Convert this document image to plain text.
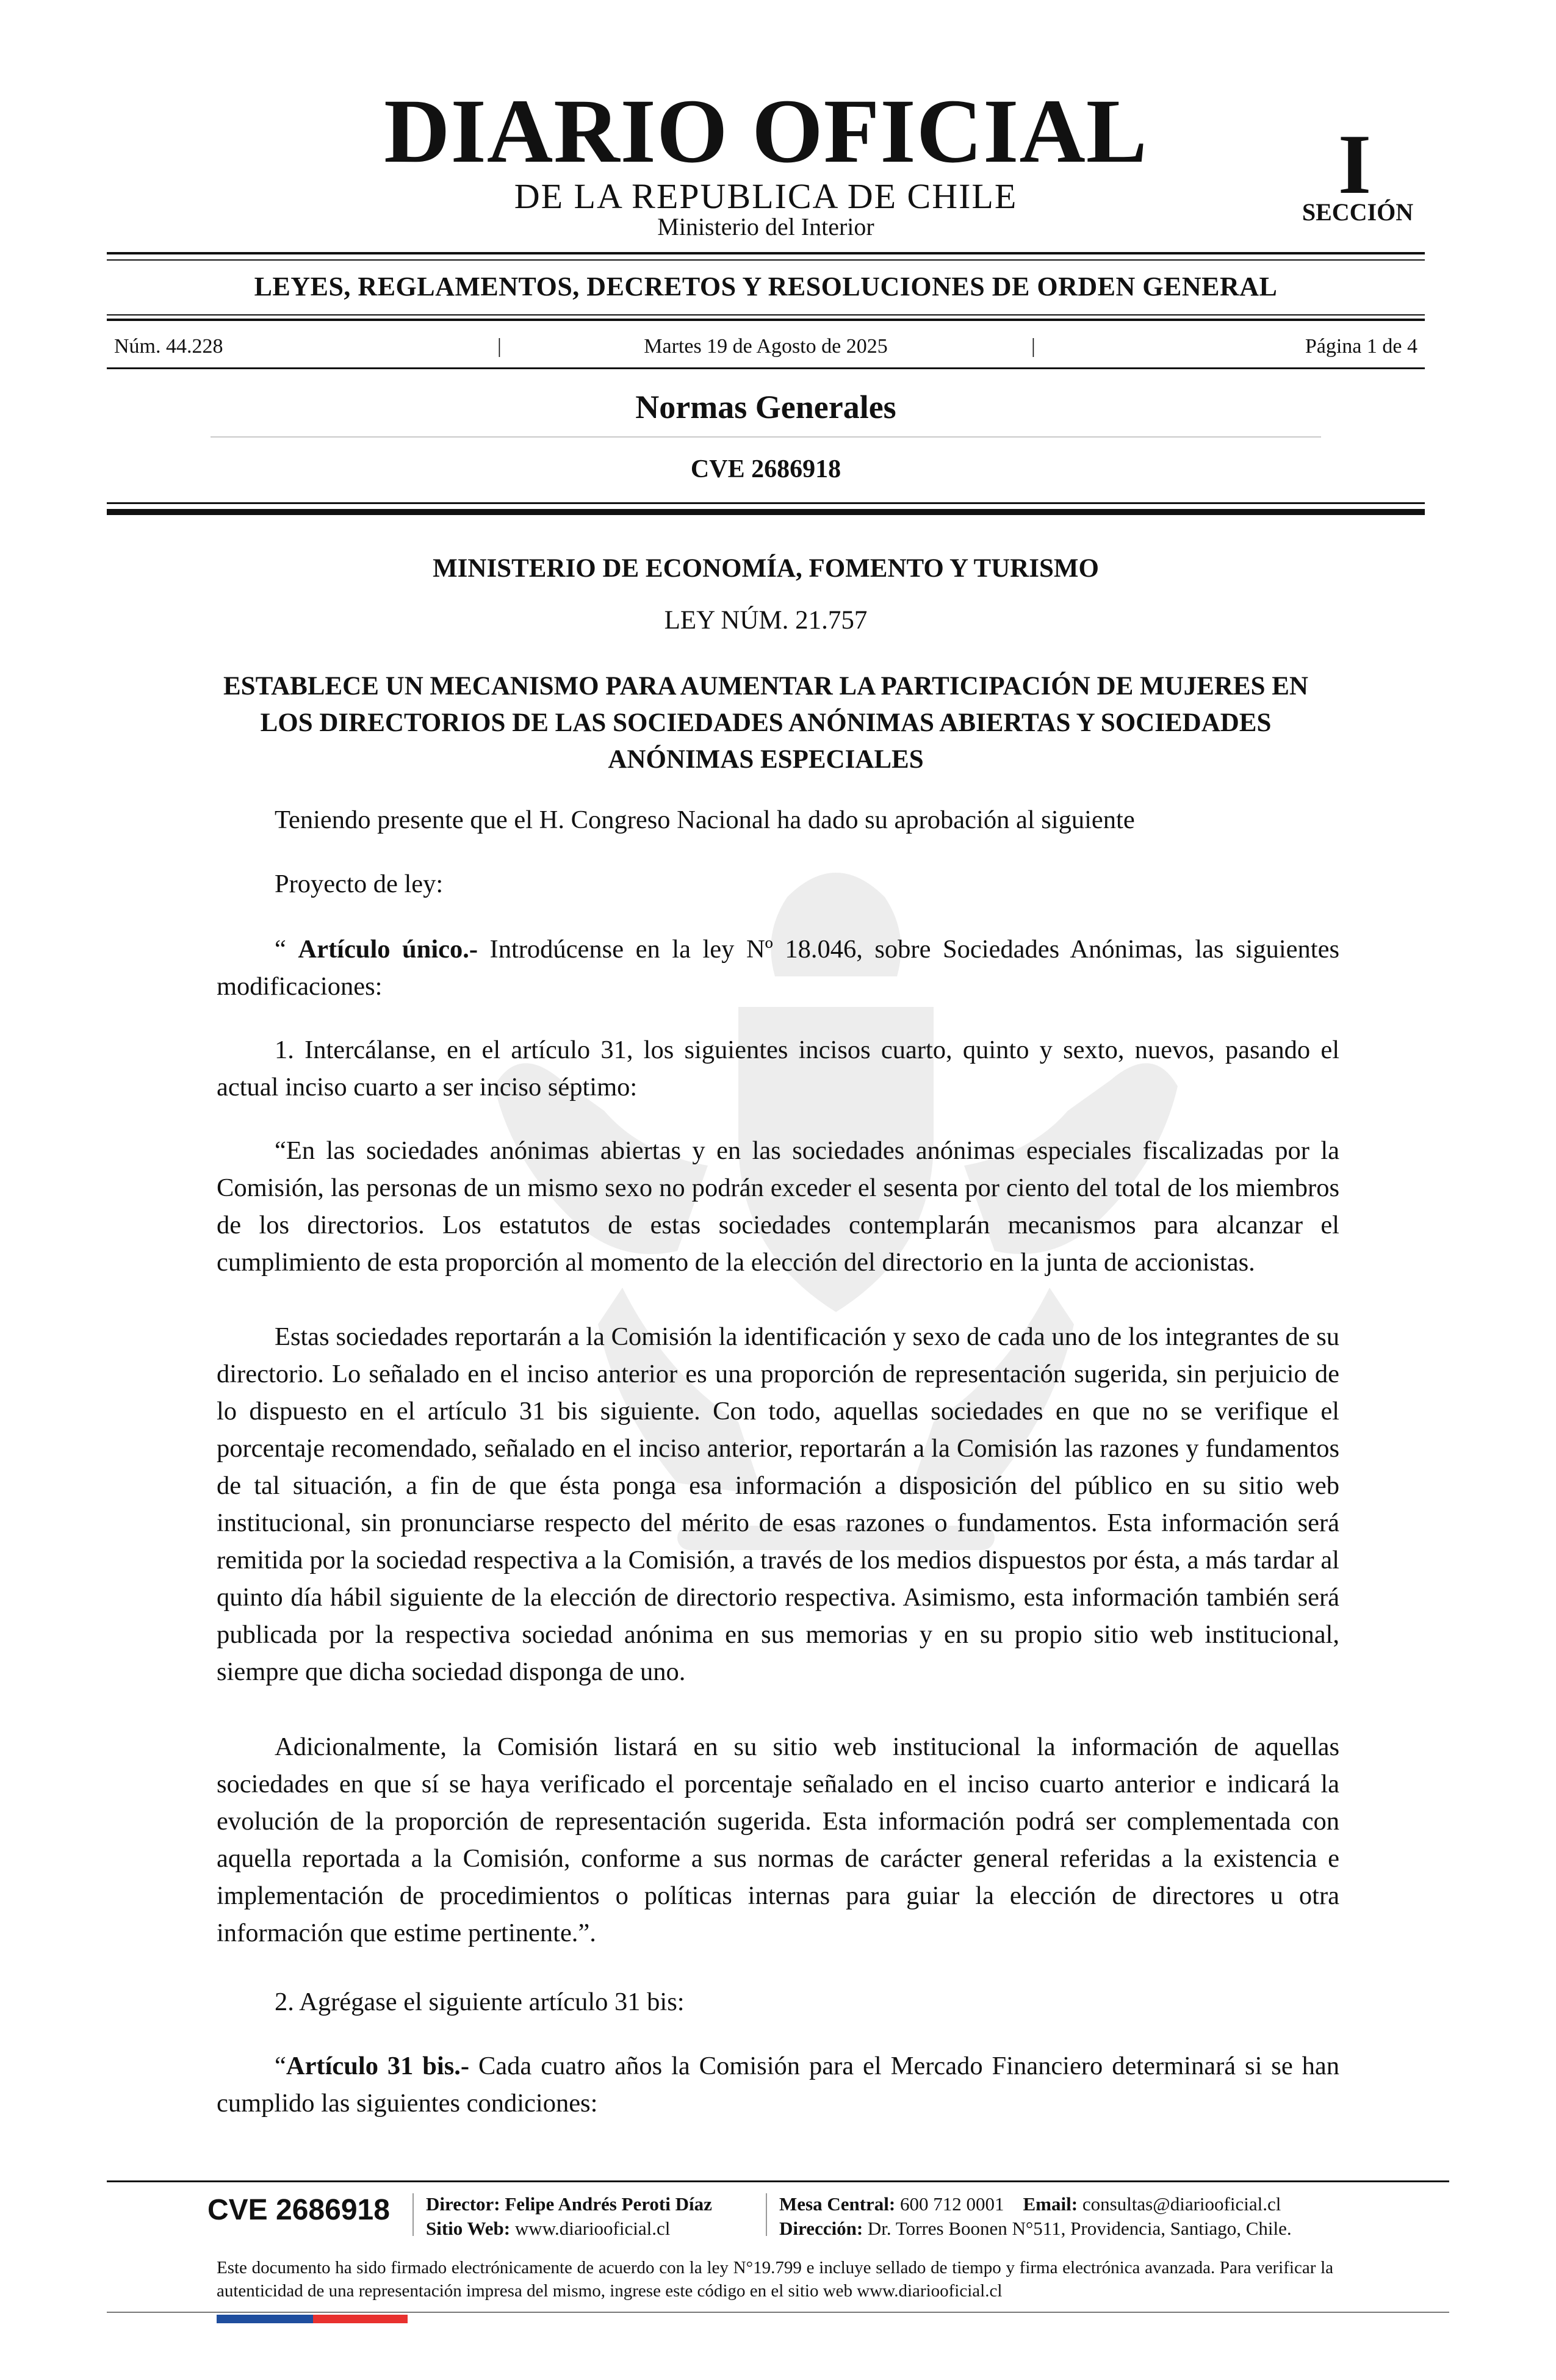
DIARIO OFICIAL
DE LA REPUBLICA DE CHILE
Ministerio del Interior
I
SECCIÓN
LEYES, REGLAMENTOS, DECRETOS Y RESOLUCIONES DE ORDEN GENERAL
Núm. 44.228	|	Martes 19 de Agosto de 2025	|	Página 1 de 4
Normas Generales
CVE 2686918
MINISTERIO DE ECONOMÍA, FOMENTO Y TURISMO
LEY NÚM. 21.757
ESTABLECE UN MECANISMO PARA AUMENTAR LA PARTICIPACIÓN DE MUJERES EN LOS DIRECTORIOS DE LAS SOCIEDADES ANÓNIMAS ABIERTAS Y SOCIEDADES ANÓNIMAS ESPECIALES
Teniendo presente que el H. Congreso Nacional ha dado su aprobación al siguiente
Proyecto de ley:
“ Artículo único.- Introdúcense en la ley Nº 18.046, sobre Sociedades Anónimas, las siguientes modificaciones:
1. Intercálanse, en el artículo 31, los siguientes incisos cuarto, quinto y sexto, nuevos, pasando el actual inciso cuarto a ser inciso séptimo:
“En las sociedades anónimas abiertas y en las sociedades anónimas especiales fiscalizadas por la Comisión, las personas de un mismo sexo no podrán exceder el sesenta por ciento del total de los miembros de los directorios. Los estatutos de estas sociedades contemplarán mecanismos para alcanzar el cumplimiento de esta proporción al momento de la elección del directorio en la junta de accionistas.
Estas sociedades reportarán a la Comisión la identificación y sexo de cada uno de los integrantes de su directorio. Lo señalado en el inciso anterior es una proporción de representación sugerida, sin perjuicio de lo dispuesto en el artículo 31 bis siguiente. Con todo, aquellas sociedades en que no se verifique el porcentaje recomendado, señalado en el inciso anterior, reportarán a la Comisión las razones y fundamentos de tal situación, a fin de que ésta ponga esa información a disposición del público en su sitio web institucional, sin pronunciarse respecto del mérito de esas razones o fundamentos. Esta información será remitida por la sociedad respectiva a la Comisión, a través de los medios dispuestos por ésta, a más tardar al quinto día hábil siguiente de la elección de directorio respectiva. Asimismo, esta información también será publicada por la respectiva sociedad anónima en sus memorias y en su propio sitio web institucional, siempre que dicha sociedad disponga de uno.
Adicionalmente, la Comisión listará en su sitio web institucional la información de aquellas sociedades en que sí se haya verificado el porcentaje señalado en el inciso cuarto anterior e indicará la evolución de la proporción de representación sugerida. Esta información podrá ser complementada con aquella reportada a la Comisión, conforme a sus normas de carácter general referidas a la existencia e implementación de procedimientos o políticas internas para guiar la elección de directores u otra información que estime pertinente.”.
2. Agrégase el siguiente artículo 31 bis:
“Artículo 31 bis.- Cada cuatro años la Comisión para el Mercado Financiero determinará si se han cumplido las siguientes condiciones:
CVE 2686918 Director: Felipe Andrés Peroti Díaz
Sitio Web: www.diariooficial.cl
Mesa Central: 600 712 0001 Email: consultas@diariooficial.cl
Dirección: Dr. Torres Boonen N°511, Providencia, Santiago, Chile.
Este documento ha sido firmado electrónicamente de acuerdo con la ley N°19.799 e incluye sellado de tiempo y firma electrónica avanzada. Para verificar la autenticidad de una representación impresa del mismo, ingrese este código en el sitio web www.diariooficial.cl
